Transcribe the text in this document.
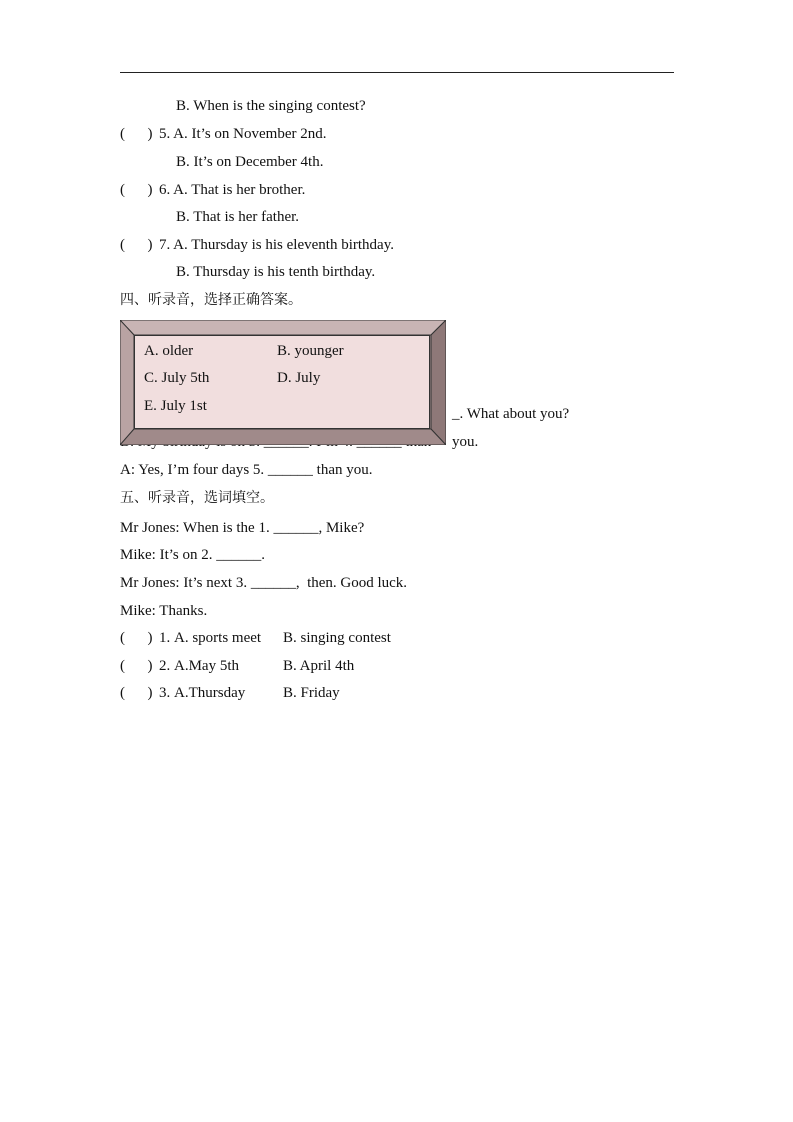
B. When is the singing contest?
(      ) 5. A. It’s on November 2nd.
B. It’s on December 4th.
(      ) 6. A. That is her brother.
B. That is her father.
(      ) 7. A. Thursday is his eleventh birthday.
B. Thursday is his tenth birthday.
四、听录音，选择正确答案。
_. What about you?
you.
A: Yes, I’m four days 5. ______ than you.
A. older	B. younger
C. July 5th	D. July
E. July 1st
五、听录音，选词填空。
Mr Jones: When is the 1. ______, Mike?
Mike: It’s on 2. ______.
Mr Jones: It’s next 3. ______,  then. Good luck.
Mike: Thanks.
(      ) 1. A. sports meet B. singing contest
(      ) 2. A.May 5th	B. April 4th
(      ) 3. A.Thursday	B. Friday
